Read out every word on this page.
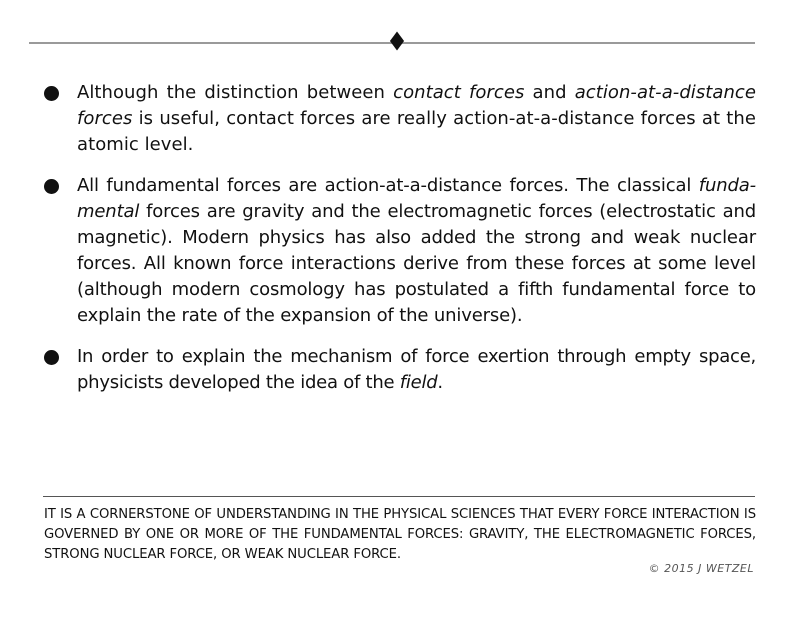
Although the distinction between contact forces and action-at-a-distance forces is useful, contact forces are really action-at-a-distance forces at the atomic level.
All fundamental forces are action-at-a-distance forces. The classical funda-mental forces are gravity and the electromagnetic forces (electrostatic and magnetic). Modern physics has also added the strong and weak nuclear forces. All known force interactions derive from these forces at some level (although modern cosmology has postulated a fifth fundamental force to explain the rate of the expansion of the universe).
In order to explain the mechanism of force exertion through empty space, physicists developed the idea of the field.

IT IS A CORNERSTONE OF UNDERSTANDING IN THE PHYSICAL SCIENCES THAT EVERY FORCE INTERACTION IS GOVERNED BY ONE OR MORE OF THE FUNDAMENTAL FORCES: GRAVITY, THE ELECTROMAGNETIC FORCES, STRONG NUCLEAR FORCE, OR WEAK NUCLEAR FORCE.

© 2015 J WETZEL
